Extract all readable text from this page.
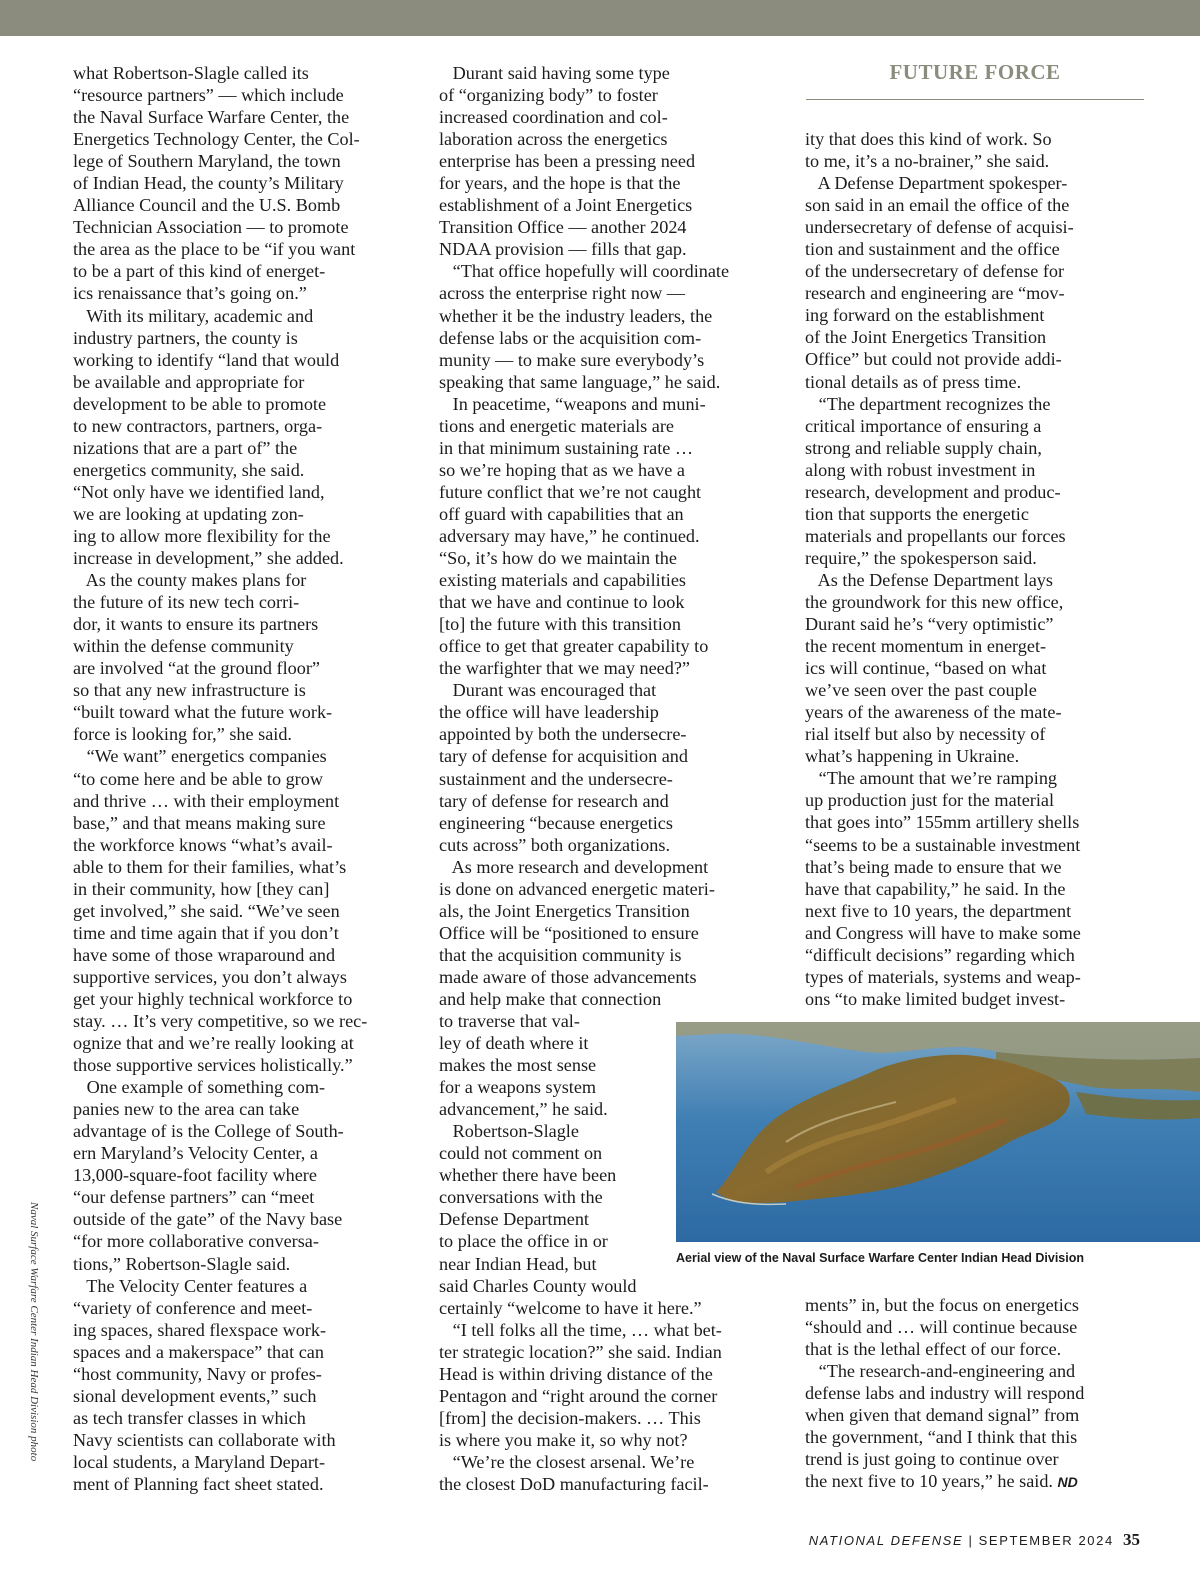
FUTURE FORCE

what Robertson-Slagle called its
“resource partners” — which include
the Naval Surface Warfare Center, the
Energetics Technology Center, the Col-
lege of Southern Maryland, the town
of Indian Head, the county’s Military
Alliance Council and the U.S. Bomb
Technician Association — to promote
the area as the place to be “if you want
to be a part of this kind of energet-
ics renaissance that’s going on.”
With its military, academic and
industry partners, the county is
working to identify “land that would
be available and appropriate for
development to be able to promote
to new contractors, partners, orga-
nizations that are a part of” the
energetics community, she said.
“Not only have we identified land,
we are looking at updating zon-
ing to allow more flexibility for the
increase in development,” she added.
As the county makes plans for
the future of its new tech corri-
dor, it wants to ensure its partners
within the defense community
are involved “at the ground floor”
so that any new infrastructure is
“built toward what the future work-
force is looking for,” she said.
“We want” energetics companies
“to come here and be able to grow
and thrive … with their employment
base,” and that means making sure
the workforce knows “what’s avail-
able to them for their families, what’s
in their community, how [they can]
get involved,” she said. “We’ve seen
time and time again that if you don’t
have some of those wraparound and
supportive services, you don’t always
get your highly technical workforce to
stay. … It’s very competitive, so we rec-
ognize that and we’re really looking at
those supportive services holistically.”
One example of something com-
panies new to the area can take
advantage of is the College of South-
ern Maryland’s Velocity Center, a
13,000-square-foot facility where
“our defense partners” can “meet
outside of the gate” of the Navy base
“for more collaborative conversa-
tions,” Robertson-Slagle said.
The Velocity Center features a
“variety of conference and meet-
ing spaces, shared flexspace work-
spaces and a makerspace” that can
“host community, Navy or profes-
sional development events,” such
as tech transfer classes in which
Navy scientists can collaborate with
local students, a Maryland Depart-
ment of Planning fact sheet stated.

Durant said having some type
of “organizing body” to foster
increased coordination and col-
laboration across the energetics
enterprise has been a pressing need
for years, and the hope is that the
establishment of a Joint Energetics
Transition Office — another 2024
NDAA provision — fills that gap.
“That office hopefully will coordinate
across the enterprise right now —
whether it be the industry leaders, the
defense labs or the acquisition com-
munity — to make sure everybody’s
speaking that same language,” he said.
In peacetime, “weapons and muni-
tions and energetic materials are
in that minimum sustaining rate …
so we’re hoping that as we have a
future conflict that we’re not caught
off guard with capabilities that an
adversary may have,” he continued.
“So, it’s how do we maintain the
existing materials and capabilities
that we have and continue to look
[to] the future with this transition
office to get that greater capability to
the warfighter that we may need?”
Durant was encouraged that
the office will have leadership
appointed by both the undersecre-
tary of defense for acquisition and
sustainment and the undersecre-
tary of defense for research and
engineering “because energetics
cuts across” both organizations.
As more research and development
is done on advanced energetic materi-
als, the Joint Energetics Transition
Office will be “positioned to ensure
that the acquisition community is
made aware of those advancements
and help make that connection
to traverse that val-
ley of death where it
makes the most sense
for a weapons system
advancement,” he said.
Robertson-Slagle
could not comment on
whether there have been
conversations with the
Defense Department
to place the office in or
near Indian Head, but
said Charles County would
certainly “welcome to have it here.”
“I tell folks all the time, … what bet-
ter strategic location?” she said. Indian
Head is within driving distance of the
Pentagon and “right around the corner
[from] the decision-makers. … This
is where you make it, so why not?
“We’re the closest arsenal. We’re
the closest DoD manufacturing facil-

ity that does this kind of work. So
to me, it’s a no-brainer,” she said.
A Defense Department spokesper-
son said in an email the office of the
undersecretary of defense of acquisi-
tion and sustainment and the office
of the undersecretary of defense for
research and engineering are “mov-
ing forward on the establishment
of the Joint Energetics Transition
Office” but could not provide addi-
tional details as of press time.
“The department recognizes the
critical importance of ensuring a
strong and reliable supply chain,
along with robust investment in
research, development and produc-
tion that supports the energetic
materials and propellants our forces
require,” the spokesperson said.
As the Defense Department lays
the groundwork for this new office,
Durant said he’s “very optimistic”
the recent momentum in energet-
ics will continue, “based on what
we’ve seen over the past couple
years of the awareness of the mate-
rial itself but also by necessity of
what’s happening in Ukraine.
“The amount that we’re ramping
up production just for the material
that goes into” 155mm artillery shells
“seems to be a sustainable investment
that’s being made to ensure that we
have that capability,” he said. In the
next five to 10 years, the department
and Congress will have to make some
“difficult decisions” regarding which
types of materials, systems and weap-
ons “to make limited budget invest-

ments” in, but the focus on energetics
“should and … will continue because
that is the lethal effect of our force.
“The research-and-engineering and
defense labs and industry will respond
when given that demand signal” from
the government, “and I think that this
trend is just going to continue over
the next five to 10 years,” he said. ND

Aerial view of the Naval Surface Warfare Center Indian Head Division
Naval Surface Warfare Center Indian Head Division photo
NATIONAL DEFENSE | SEPTEMBER 2024 35
